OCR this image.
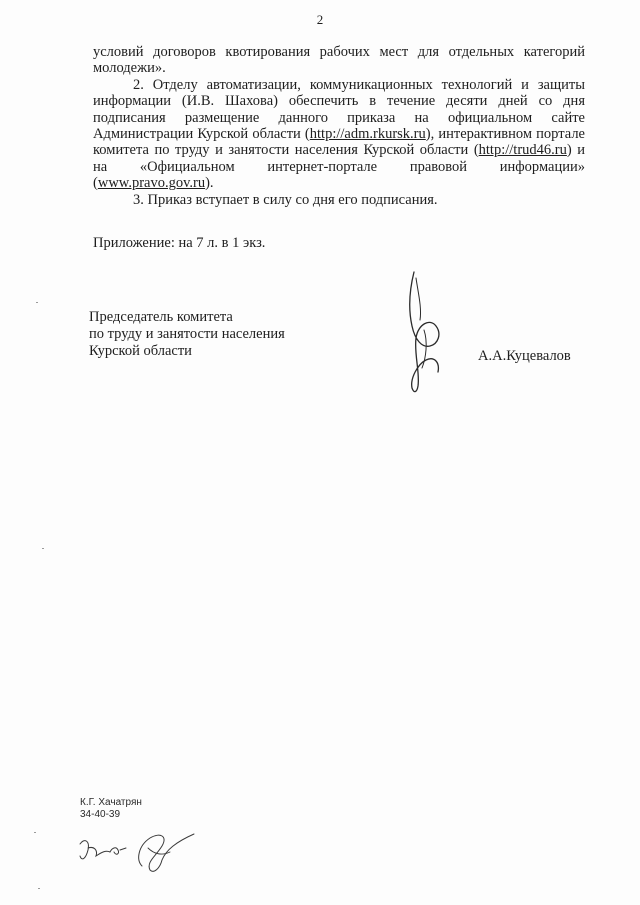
2

условий договоров квотирования рабочих мест для отдельных категорий молодежи».

2. Отделу автоматизации, коммуникационных технологий и защиты информации (И.В. Шахова) обеспечить в течение десяти дней со дня подписания размещение данного приказа на официальном сайте Администрации Курской области (http://adm.rkursk.ru), интерактивном портале комитета по труду и занятости населения Курской области (http://trud46.ru) и на «Официальном интернет-портале правовой информации» (www.pravo.gov.ru).

3. Приказ вступает в силу со дня его подписания.

Приложение: на 7 л. в 1 экз.
Председатель комитета
по труду и занятости населения
Курской области	А.А.Куцевалов
К.Г. Хачатрян
34-40-39
